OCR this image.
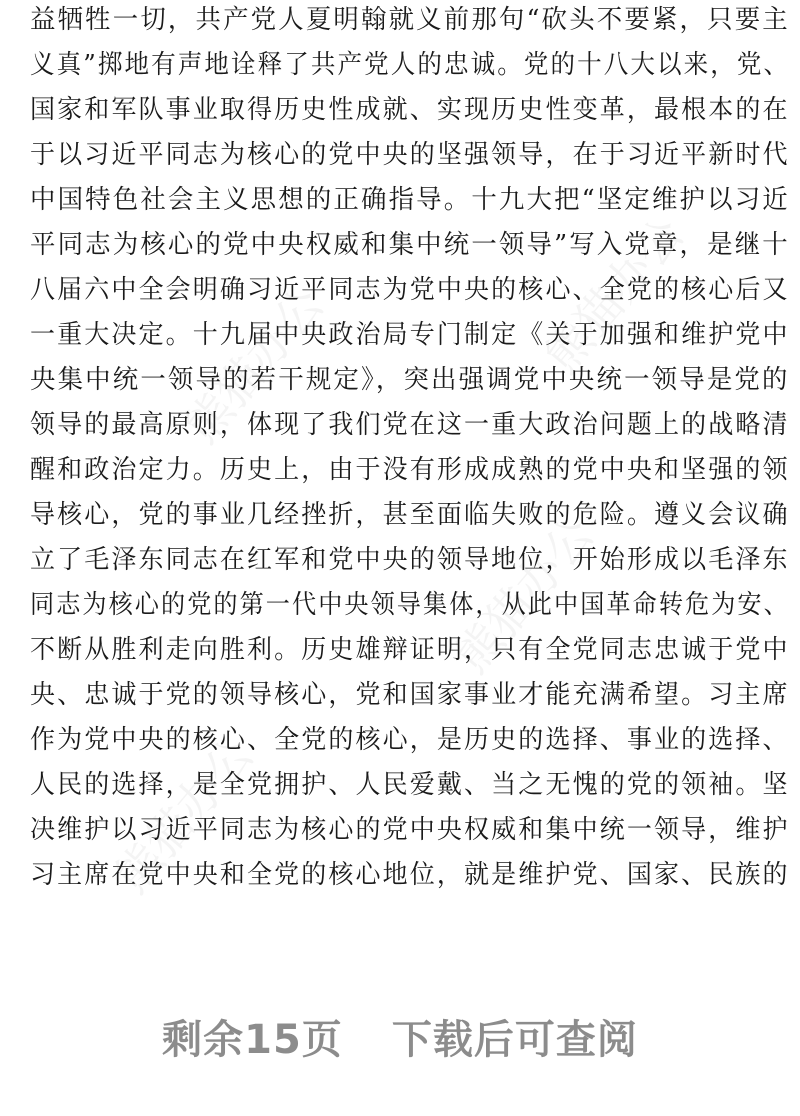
熊猫办公
熊猫办公
熊猫办公
熊猫办公
益牺牲一切，共产党人夏明翰就义前那句“砍头不要紧，只要主
义真”掷地有声地诠释了共产党人的忠诚。党的十八大以来，党、
国家和军队事业取得历史性成就、实现历史性变革，最根本的在
于以习近平同志为核心的党中央的坚强领导，在于习近平新时代
中国特色社会主义思想的正确指导。十九大把“坚定维护以习近
平同志为核心的党中央权威和集中统一领导”写入党章，是继十
八届六中全会明确习近平同志为党中央的核心、全党的核心后又
一重大决定。十九届中央政治局专门制定《关于加强和维护党中
央集中统一领导的若干规定》，突出强调党中央统一领导是党的
领导的最高原则，体现了我们党在这一重大政治问题上的战略清
醒和政治定力。历史上，由于没有形成成熟的党中央和坚强的领
导核心，党的事业几经挫折，甚至面临失败的危险。遵义会议确
立了毛泽东同志在红军和党中央的领导地位，开始形成以毛泽东
同志为核心的党的第一代中央领导集体，从此中国革命转危为安、
不断从胜利走向胜利。历史雄辩证明，只有全党同志忠诚于党中
央、忠诚于党的领导核心，党和国家事业才能充满希望。习主席
作为党中央的核心、全党的核心，是历史的选择、事业的选择、
人民的选择，是全党拥护、人民爱戴、当之无愧的党的领袖。坚
决维护以习近平同志为核心的党中央权威和集中统一领导，维护
习主席在党中央和全党的核心地位，就是维护党、国家、民族的
剩余15页 下载后可查阅
